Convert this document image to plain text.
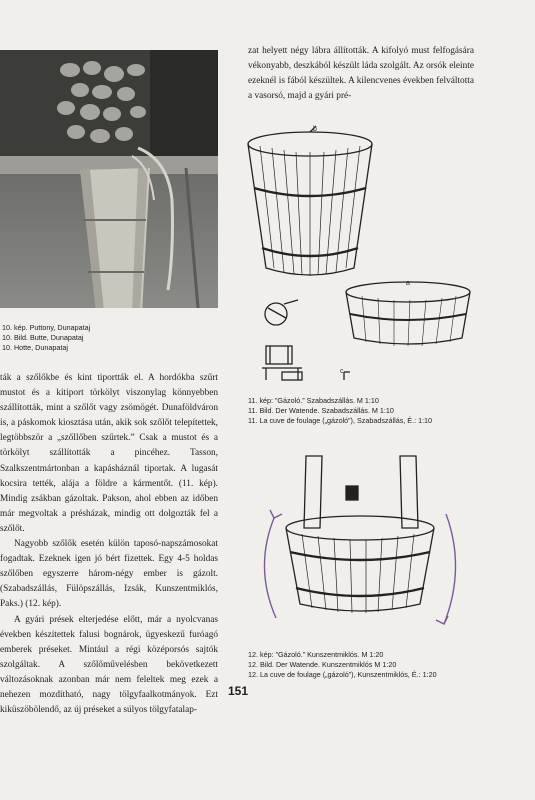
10. kép. Puttony, Dunapataj
10. Bild. Butte, Dunapataj
10. Hotte, Dunapataj

ták a szőlőkbe és kint tiportták el. A hordókba szűrt mustot és a kitiport törkölyt viszonylag könnyebben szállították, mint a szőlőt vagy zsömögét. Dunaföldváron is, a páskomok kiosztása után, akik sok szőlőt telepítettek, legtöbbször a „szőllőben szűrtek.” Csak a mustot és a törkölyt szállították a pincéhez. Tasson, Szalkszentmártonban a kapásháznál tiportak. A lugasát kocsira tették, alája a földre a kármentőt. (11. kép). Mindig zsákban gázoltak. Pakson, ahol ebben az időben már megvoltak a présházak, mindig ott dolgozták fel a szőlőt.

Nagyobb szőlők esetén külön taposó-napszámosokat fogadtak. Ezeknek igen jó bért fizettek. Egy 4-5 holdas szőlőben egyszerre három-négy ember is gázolt. (Szabadszállás, Fülöpszállás, Izsák, Kunszentmiklós, Paks.) (12. kép).

A gyári prések elterjedése előtt, már a nyolcvanas években készítettek falusi bognárok, ügyeskezű furóagó emberek préseket. Mintául a régi középorsós sajtók szolgáltak. A szőlőművelésben bekövetkezett változásoknak azonban már nem feleltek meg ezek a nehezen mozdítható, nagy tölgyfaalkotmányok. Ezt kiküszöbölendő, az új préseket a súlyos tölgyfatalap-

zat helyett négy lábra állították. A kifolyó must felfogására vékonyabb, deszkából készült láda szolgált. Az orsók eleinte ezeknél is fából készültek. A kilencvenes években felváltotta a vasorsó, majd a gyári pré-

b
a
c
11. kép: ”Gázoló.” Szabadszállás. M 1:10
11. Bild. Der Watende. Szabadszállás. M 1:10
11. La cuve de foulage („gázoló”), Szabadszállás, É.: 1:10
12. kép: ”Gázoló.” Kunszentmiklós. M 1:20
12. Bild. Der Watende. Kunszentmiklós M 1:20
12. La cuve de foulage („gázoló”), Kunszentmiklós, É.: 1:20
151
